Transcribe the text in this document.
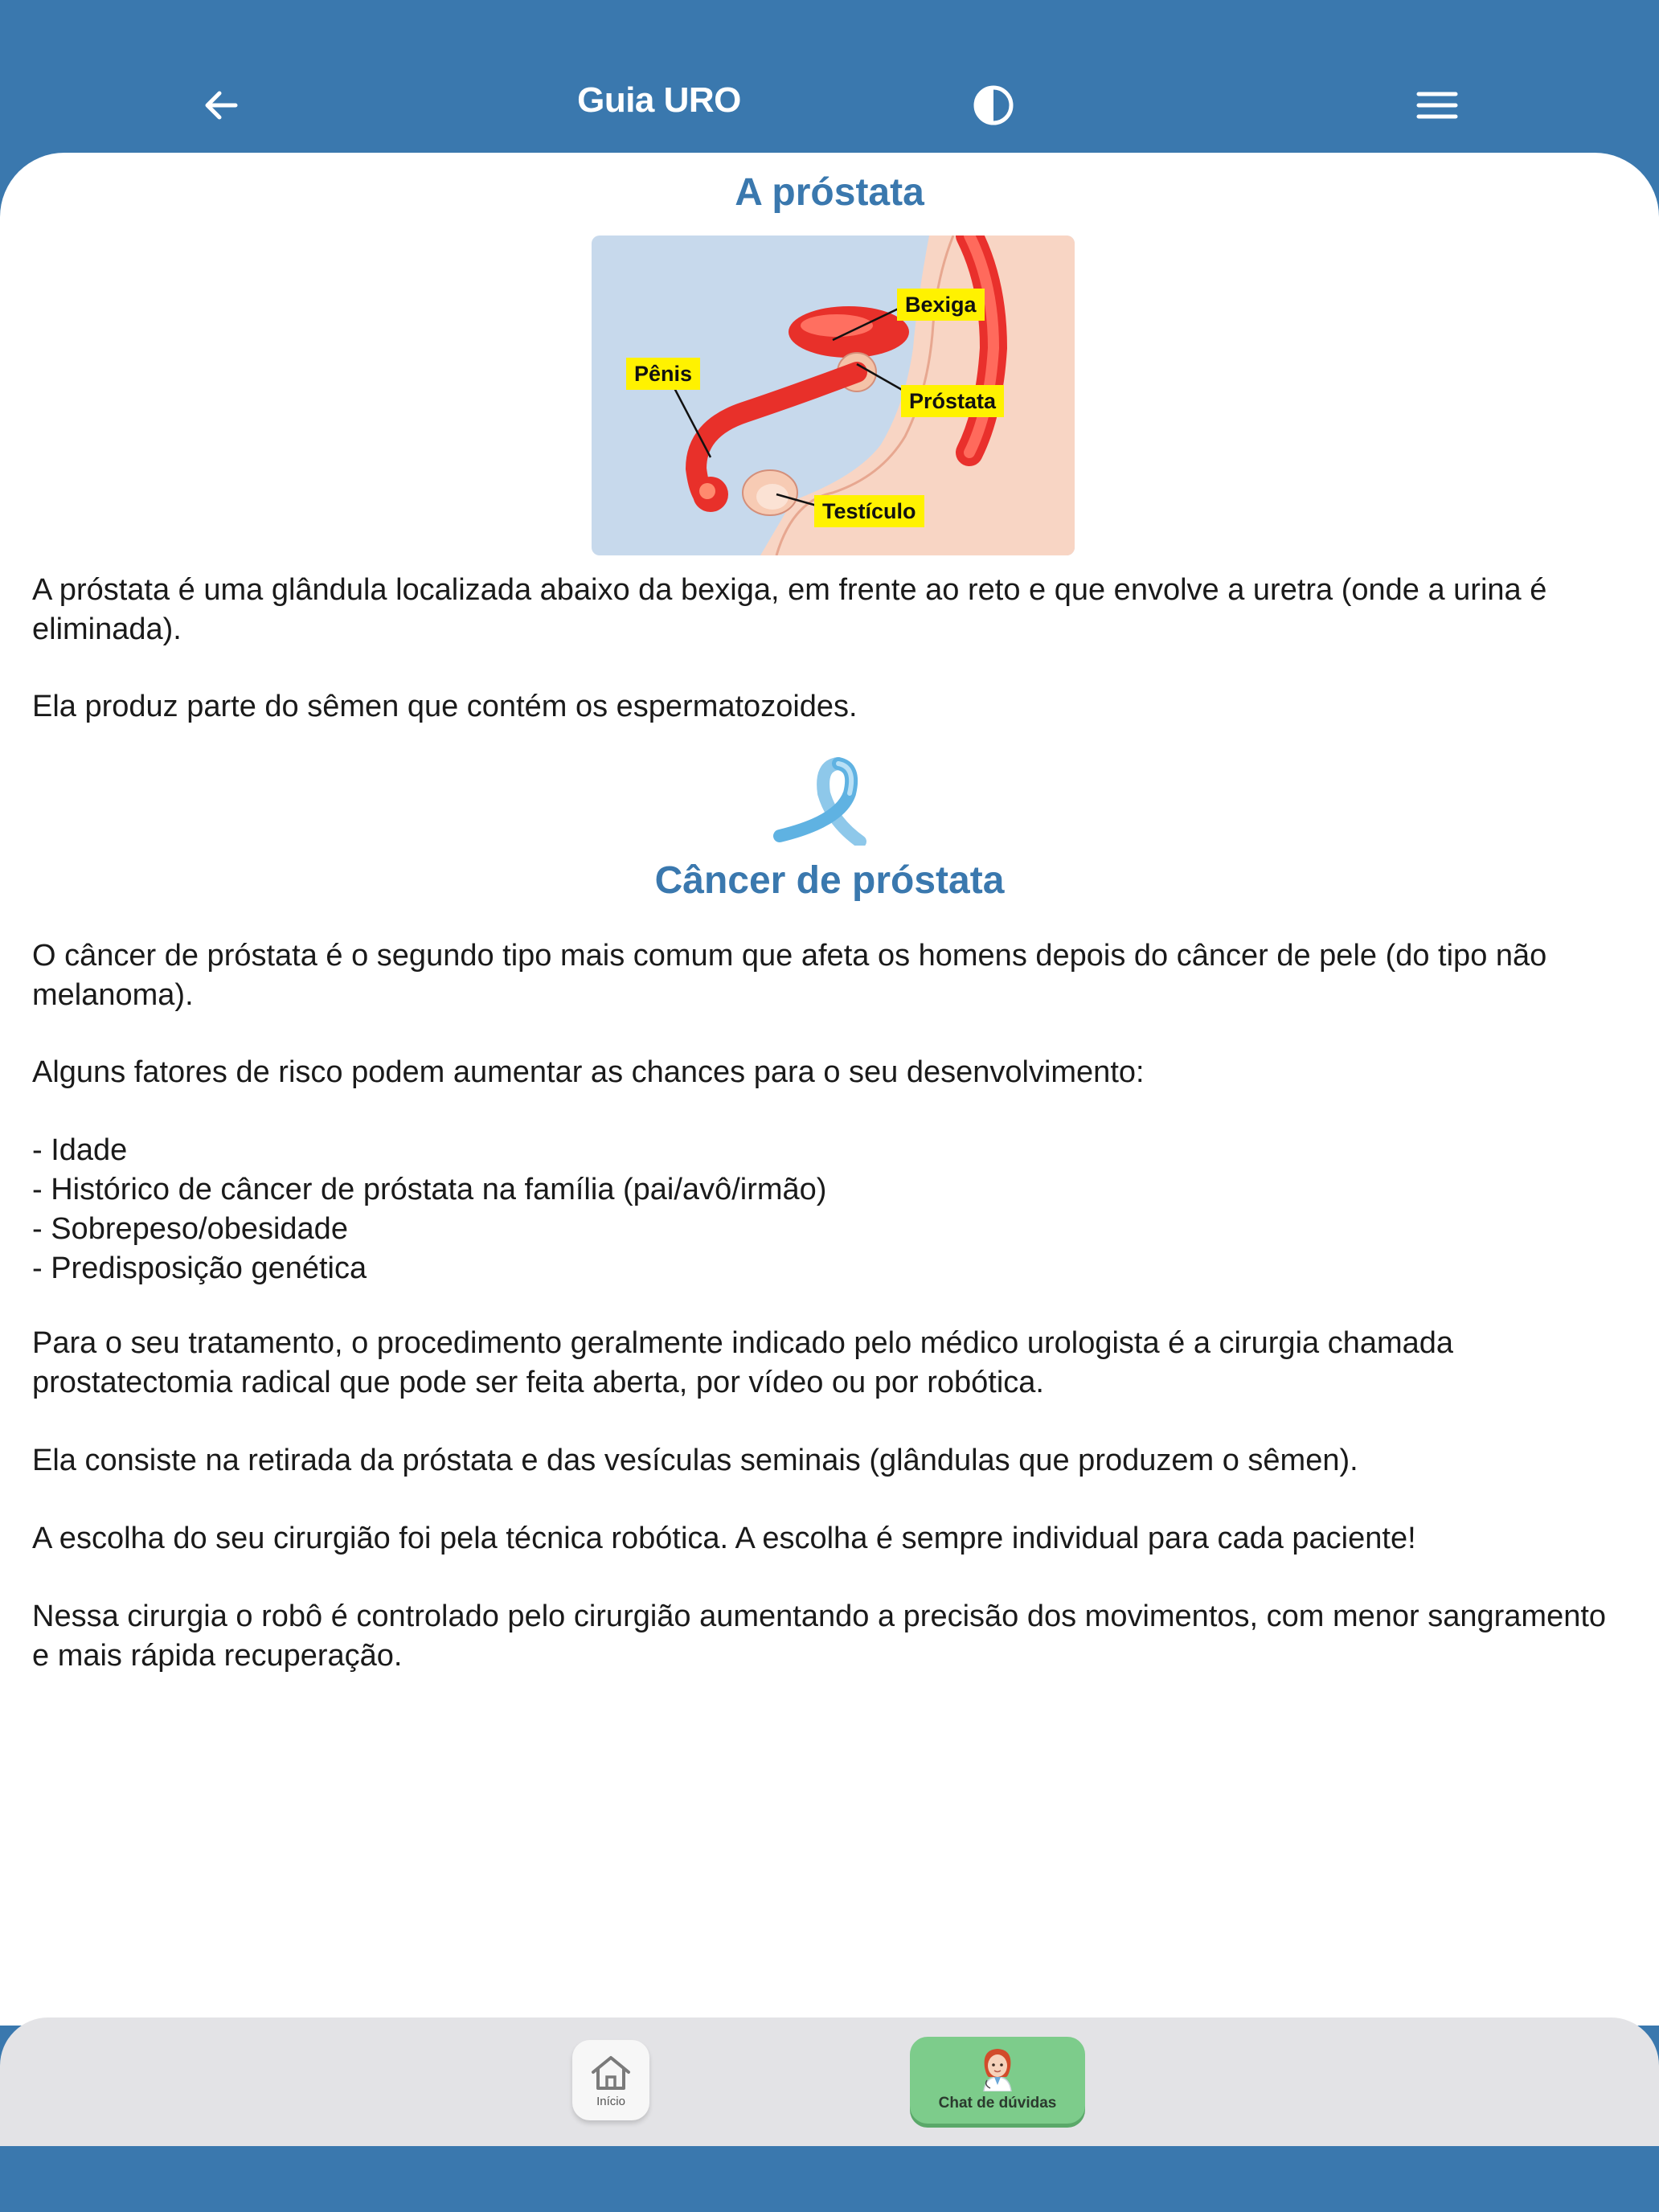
Guia URO
A próstata
Bexiga
Pênis
Próstata
Testículo

A próstata é uma glândula localizada abaixo da bexiga, em frente ao reto e que envolve a uretra (onde a urina é eliminada).

Ela produz parte do sêmen que contém os espermatozoides.

Câncer de próstata

O câncer de próstata é o segundo tipo mais comum que afeta os homens depois do câncer de pele (do tipo não melanoma).

Alguns fatores de risco podem aumentar as chances para o seu desenvolvimento:

- Idade
- Histórico de câncer de próstata na família (pai/avô/irmão)
- Sobrepeso/obesidade
- Predisposição genética

Para o seu tratamento, o procedimento geralmente indicado pelo médico urologista é a cirurgia chamada prostatectomia radical que pode ser feita aberta, por vídeo ou por robótica.

Ela consiste na retirada da próstata e das vesículas seminais (glândulas que produzem o sêmen).

A escolha do seu cirurgião foi pela técnica robótica. A escolha é sempre individual para cada paciente!

Nessa cirurgia o robô é controlado pelo cirurgião aumentando a precisão dos movimentos, com menor sangramento e mais rápida recuperação.

Início	Chat de dúvidas
